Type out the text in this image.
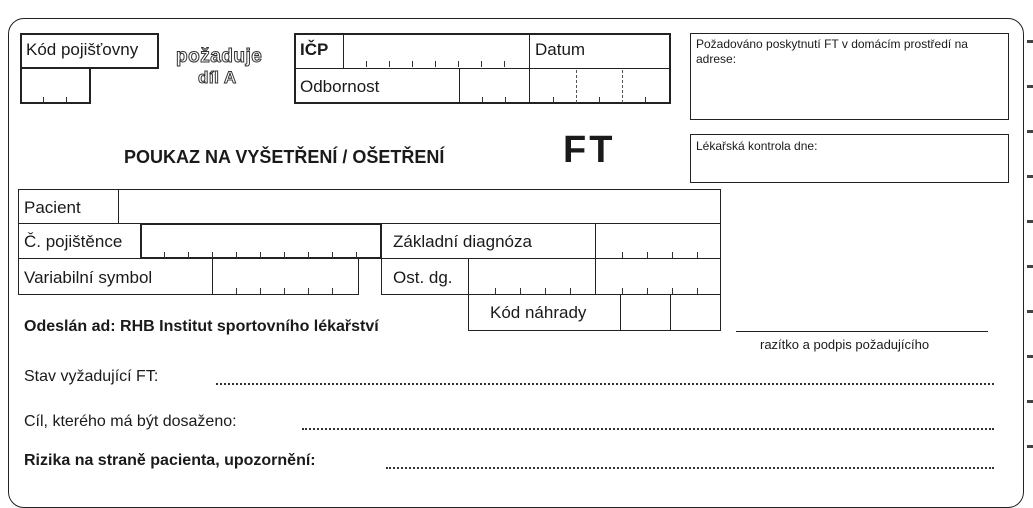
Kód pojišťovny požaduje
díl A
IČP	Datum
Odbornost
Požadováno poskytnutí FT v domácím prostředí na adrese:
POUKAZ NA VYŠETŘENÍ / OŠETŘENÍ	FT	Lékařská kontrola dne:
Pacient
Č. pojištěnce	Základní diagnóza
Variabilní symbol	Ost. dg.
Kód náhrady
Odeslán ad: RHB Institut sportovního lékařství
razítko a podpis požadujícího
Stav vyžadující FT:
Cíl, kterého má být dosaženo:
Rizika na straně pacienta, upozornění:
